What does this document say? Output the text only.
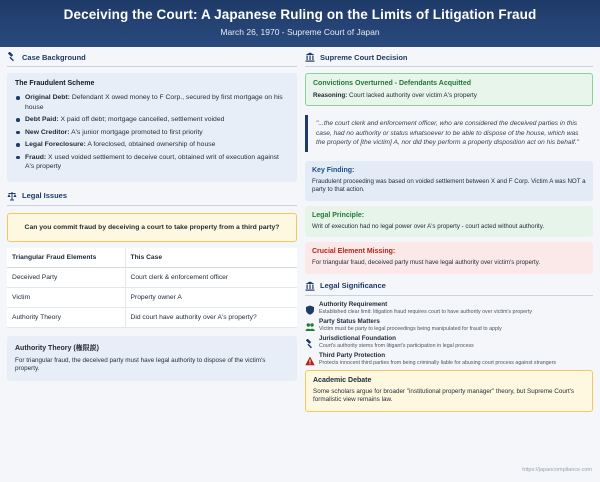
Deceiving the Court: A Japanese Ruling on the Limits of Litigation Fraud
March 26, 1970 - Supreme Court of Japan
Case Background
The Fraudulent Scheme
Original Debt: Defendant X owed money to F Corp., secured by first mortgage on his house
Debt Paid: X paid off debt; mortgage cancelled, settlement voided
New Creditor: A's junior mortgage promoted to first priority
Legal Foreclosure: A foreclosed, obtained ownership of house
Fraud: X used voided settlement to deceive court, obtained writ of execution against A's property
Legal Issues
Can you commit fraud by deceiving a court to take property from a third party?
Triangular Fraud Elements	This Case
Deceived Party	Court clerk & enforcement officer
Victim	Property owner A
Authority Theory	Did court have authority over A's property?
Authority Theory (権限説)
For triangular fraud, the deceived party must have legal authority to dispose of the victim's property.
Supreme Court Decision
Convictions Overturned - Defendants Acquitted
Reasoning: Court lacked authority over victim A's property
"...the court clerk and enforcement officer, who are considered the deceived parties in this case, had no authority or status whatsoever to be able to dispose of the house, which was the property of [the victim] A, nor did they perform a property disposition act on his behalf."
Key Finding:
Fraudulent proceeding was based on voided settlement between X and F Corp. Victim A was NOT a party to that action.
Legal Principle:
Writ of execution had no legal power over A's property - court acted without authority.
Crucial Element Missing:
For triangular fraud, deceived party must have legal authority over victim's property.
Legal Significance
Authority Requirement
Established clear limit: litigation fraud requires court to have authority over victim's property
Party Status Matters
Victim must be party to legal proceedings being manipulated for fraud to apply
Jurisdictional Foundation
Court's authority stems from litigant's participation in legal process
Third Party Protection
Protects innocent third parties from being criminally liable for abusing court process against strangers
Academic Debate
Some scholars argue for broader "institutional property manager" theory, but Supreme Court's formalistic view remains law.
https://japancompliance.com
